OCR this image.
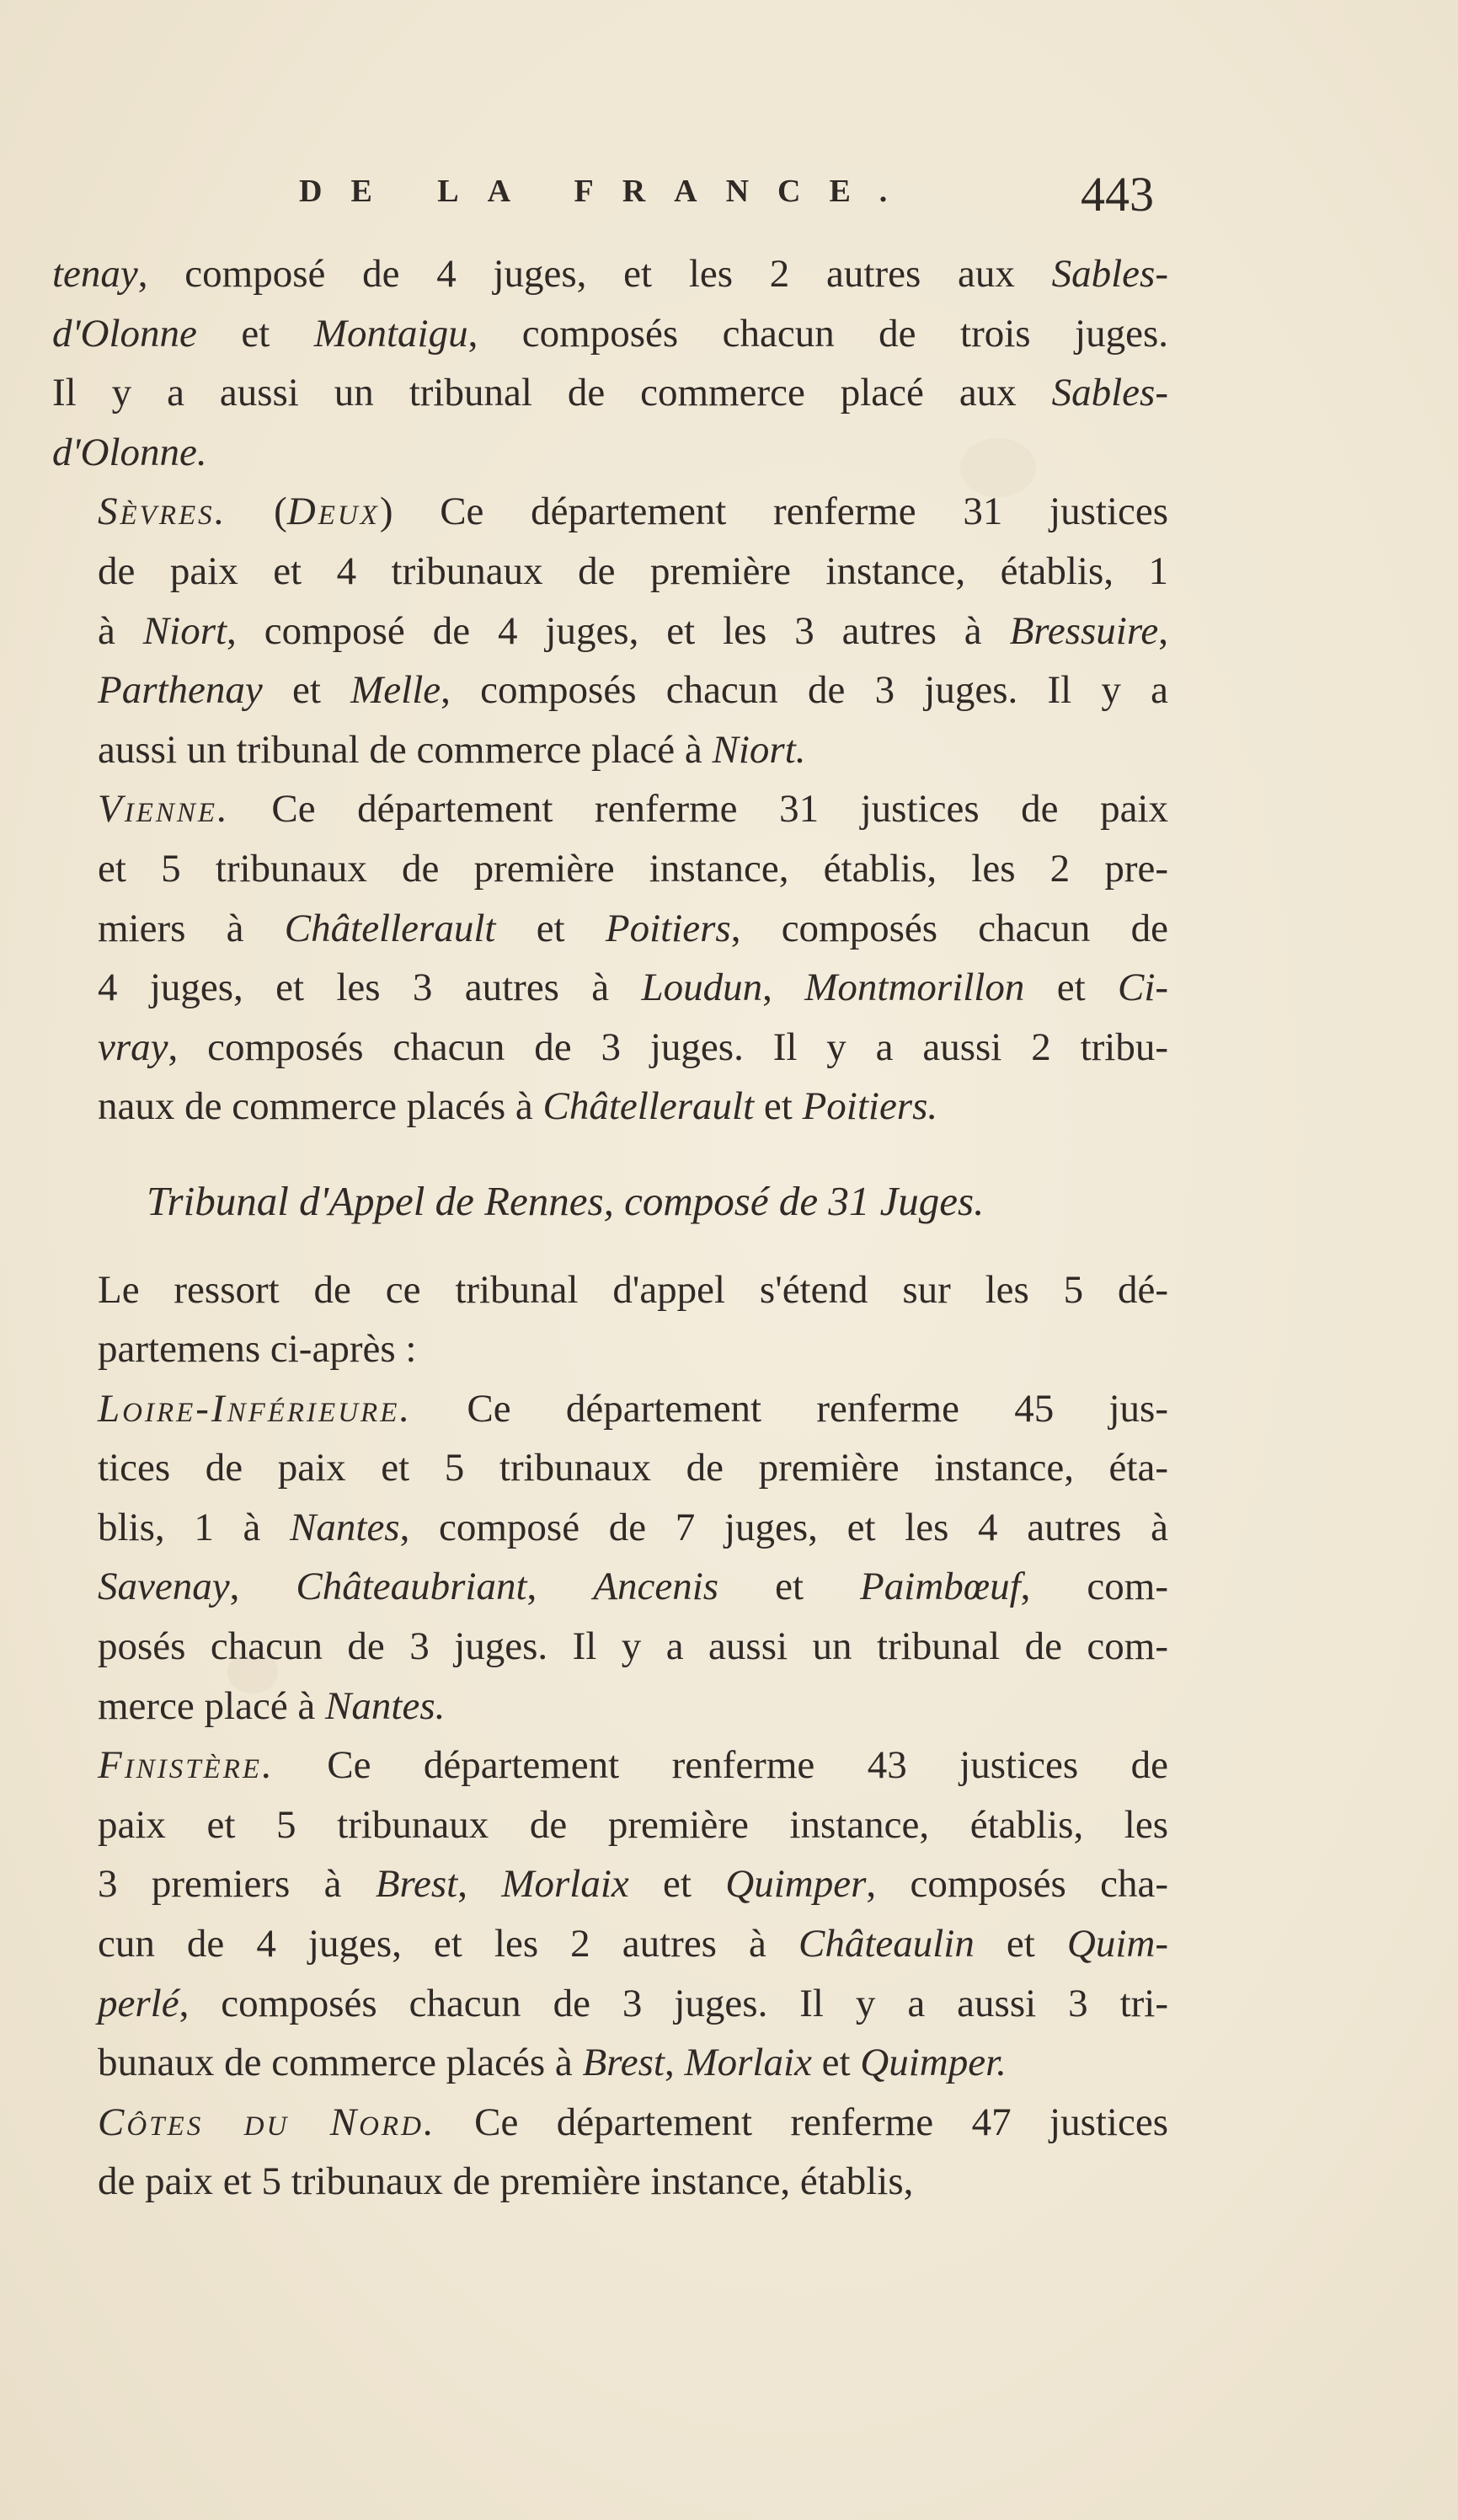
DE LA FRANCE.	443
tenay, composé de 4 juges, et les 2 autres aux Sables-
d'Olonne et Montaigu, composés chacun de trois juges.
Il y a aussi un tribunal de commerce placé aux Sables-
d'Olonne.
Sèvres. (Deux) Ce département renferme 31 justices
de paix et 4 tribunaux de première instance, établis, 1
à Niort, composé de 4 juges, et les 3 autres à Bressuire,
Parthenay et Melle, composés chacun de 3 juges. Il y a
aussi un tribunal de commerce placé à Niort.
Vienne. Ce département renferme 31 justices de paix
et 5 tribunaux de première instance, établis, les 2 pre-
miers à Châtellerault et Poitiers, composés chacun de
4 juges, et les 3 autres à Loudun, Montmorillon et Ci-
vray, composés chacun de 3 juges. Il y a aussi 2 tribu-
naux de commerce placés à Châtellerault et Poitiers.
Tribunal d'Appel de Rennes, composé de 31 Juges.
Le ressort de ce tribunal d'appel s'étend sur les 5 dé-
partemens ci-après :
Loire-Inférieure. Ce département renferme 45 jus-
tices de paix et 5 tribunaux de première instance, éta-
blis, 1 à Nantes, composé de 7 juges, et les 4 autres à
Savenay, Châteaubriant, Ancenis et Paimbœuf, com-
posés chacun de 3 juges. Il y a aussi un tribunal de com-
merce placé à Nantes.
Finistère. Ce département renferme 43 justices de
paix et 5 tribunaux de première instance, établis, les
3 premiers à Brest, Morlaix et Quimper, composés cha-
cun de 4 juges, et les 2 autres à Châteaulin et Quim-
perlé, composés chacun de 3 juges. Il y a aussi 3 tri-
bunaux de commerce placés à Brest, Morlaix et Quimper.
Côtes du Nord. Ce département renferme 47 justices
de paix et 5 tribunaux de première instance, établis,
